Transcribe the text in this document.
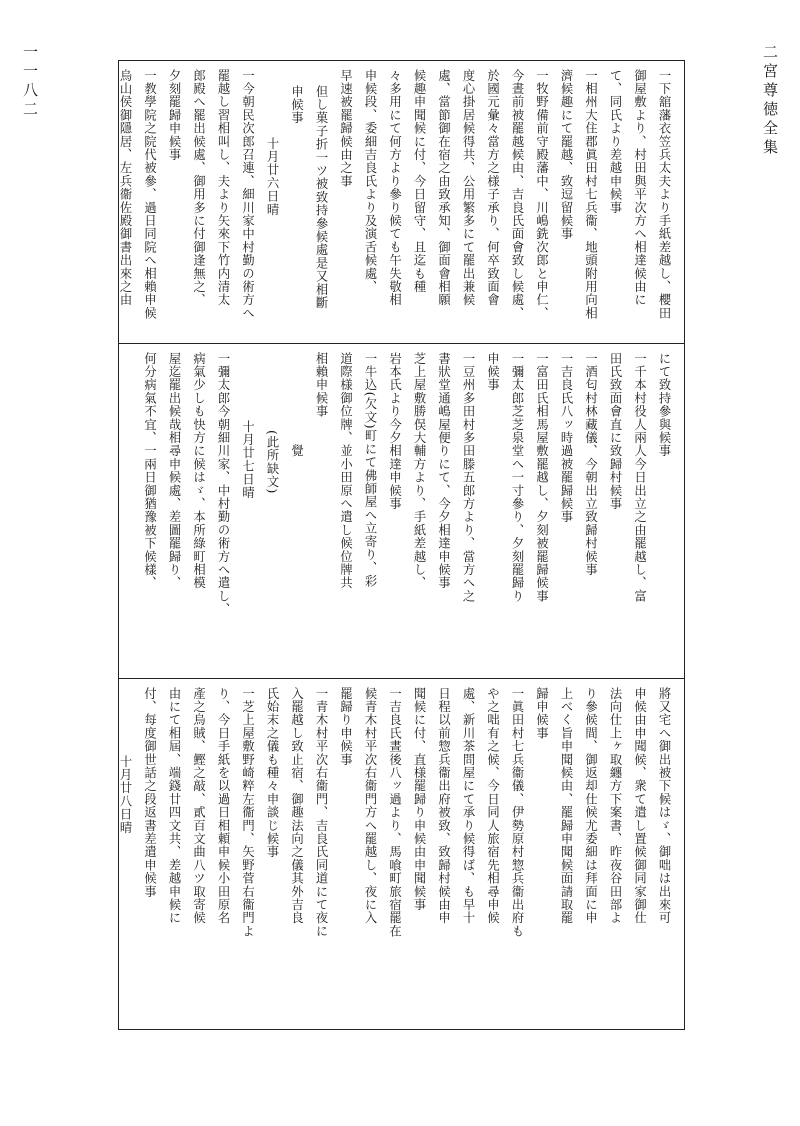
二宮尊徳全集
一一八二	一下舘藩衣笠兵太夫より手紙差越し、櫻田
御屋敷より、村田與平次方へ相達候由に
て、同氏より差越申候事
一相州大住郡眞田村七兵衞、地頭附用向相
濟候趣にて罷越、致逗留候事
一牧野備前守殿藩中、川嶋銑次郎と申仁、
今晝前被罷越候由、吉良氏面會致し候處、
於國元彙々當方之様子承り、何卒致面會
度心掛居候得共、公用繁多にて罷出兼候
處、當節御在宿之由致承知、御面會相願
候趣申聞候に付、今日留守、且迄も種
々多用にて何方より參り候ても午失敬相
申候段、委細吉良氏より及演舌候處、
早速被罷歸候由之事
但し菓子折一ツ被致持參候處是又相斷
申候事
十月廿六日晴
一今朝民次郎召連、細川家中村勤の術方へ
罷越し習相叫し、夫より矢來下竹内清太
郎殿へ罷出候處、御用多に付御逢無之、
夕刻罷歸申候事
一教學院之院代被參、過日同院へ相賴申候
烏山侯御隱居、左兵衞佐殿御書出來之由
にて致持參與候事
一千本村役人兩人今日出立之由罷越し、富
田氏致面會直に致歸村候事
一酒匂村林藏儀、今朝出立致歸村候事
一吉良氏八ッ時過被罷歸候事
一富田氏相馬屋敷罷越し、夕刻被罷歸候事
一彌太郎芝芝泉堂へ一寸參り、夕刻罷歸り
申候事
一豆州多田村多田滕五郎方より、當方へ之
書狀堂通嶋屋便りにて、今夕相達申候事
芝上屋敷勝俣大輔方より、手紙差越し、
岩本氏より今夕相達申候事
一牛込(欠文)町にて佛師屋へ立寄り、彩
道際様御位牌、並小田原へ遣し候位牌共
相賴申候事
覺
(此所缺文)
十月廿七日晴
一彌太郎今朝細川家、中村勤の術方へ遣し、
病氣少しも快方に候はゞ、本所綠町相模
屋迄罷出候哉相尋申候處、差圖罷歸り、
何分病氣不宜、一兩日御猶豫被下候樣、
將又宅へ御出被下候はゞ、御咄は出來可
申候由申聞候、衆て遣し置候御同家御仕
法向仕上ヶ取纏方下案書、昨夜谷田部よ
り參候間、御返却仕候尤委細は拜面に申
上べく旨申聞候由、罷歸申聞候面請取罷
歸申候事
一眞田村七兵衞儀、伊勢原村惣兵衞出府も
や之咄有之候、今日同人旅宿先相尋申候
處、新川茶問屋にて承り候得ば、も早十
日程以前惣兵衞出府被致、致歸村候由申
聞候に付、直様罷歸り申候由申聞候事
一吉良氏晝後八ッ過より、馬喰町旅宿罷在
候青木村平次右衞門方へ罷越し、夜に入
罷歸り申候事
一青木村平次右衞門、吉良氏同道にて夜に
入罷越し致止宿、御趣法向之儀其外吉良
氏始末之儀も種々申談じ候事
一芝上屋敷野崎粹左衞門、矢野菅右衞門よ
り、今日手紙を以過日相頼申候小田原名
產之烏賊、鰹之敲、貳百文曲八ツ取寄候
由にて相屆、端錢廿四文共、差越申候に
付、每度御世話之段返書差遣申候事
十月廿八日晴
